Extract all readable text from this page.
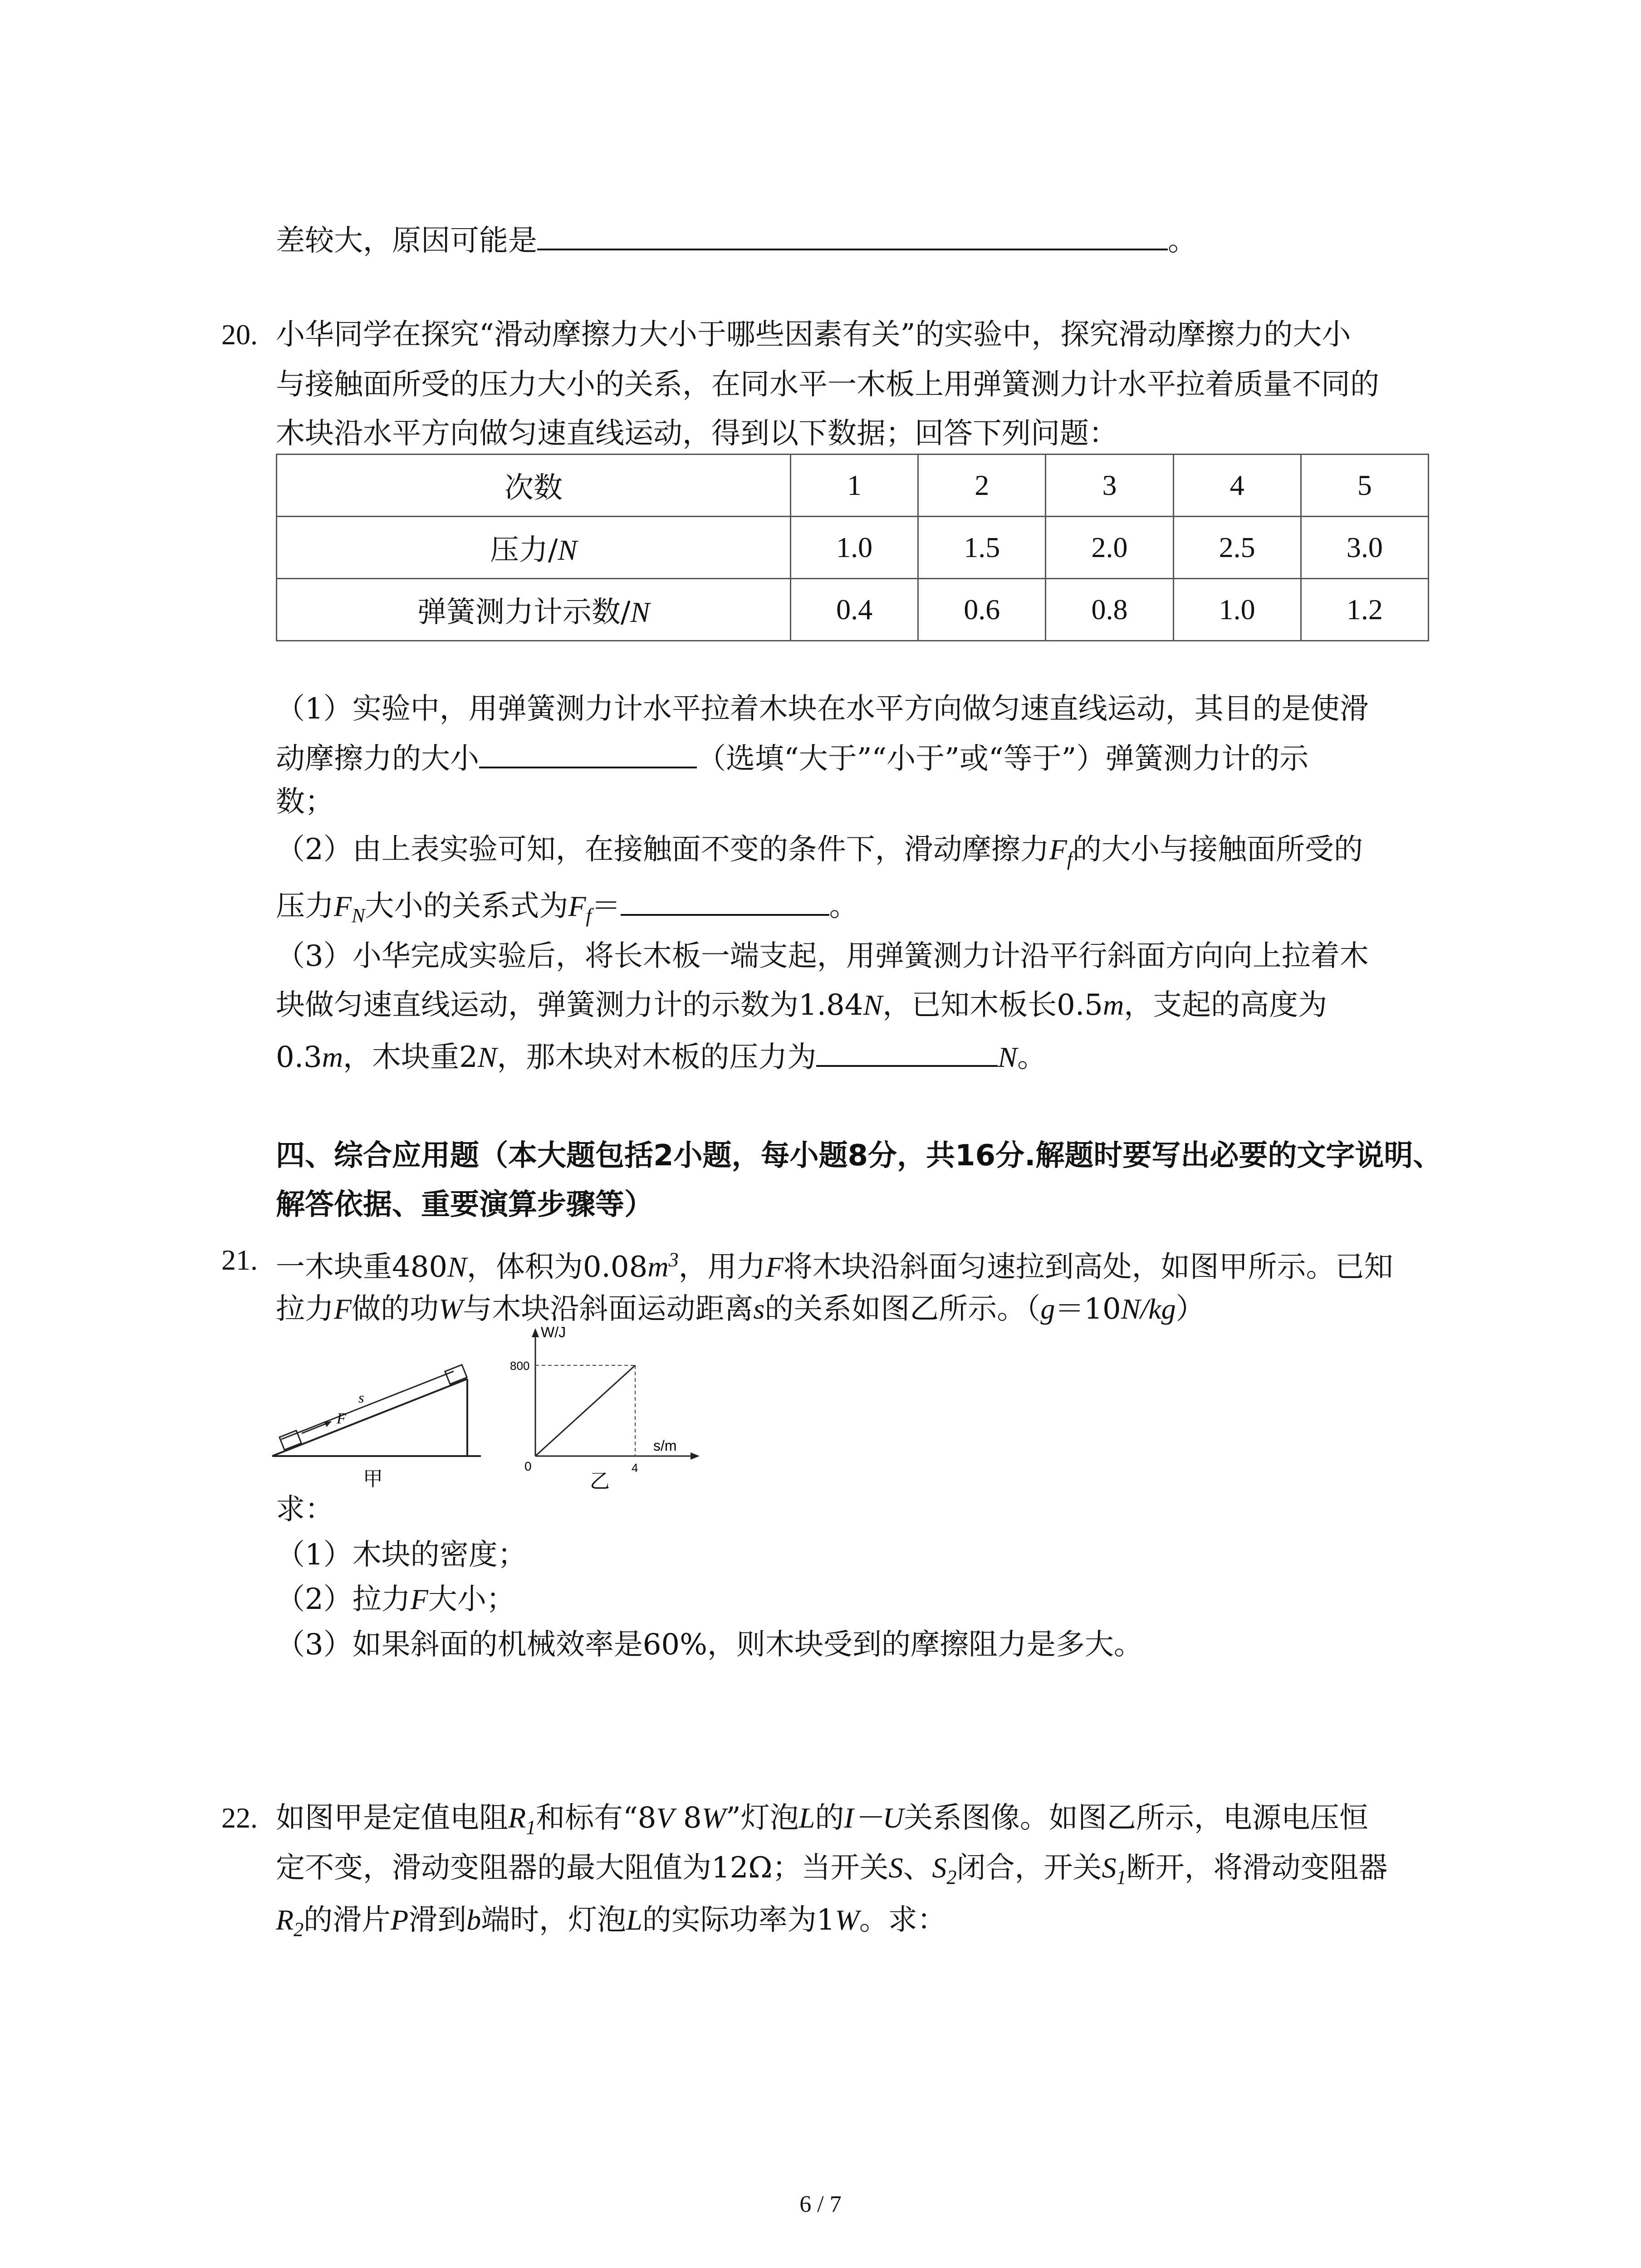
差较大，原因可能是	。
20. 小华同学在探究“滑动摩擦力大小于哪些因素有关”的实验中，探究滑动摩擦力的大小
与接触面所受的压力大小的关系，在同水平一木板上用弹簧测力计水平拉着质量不同的
木块沿水平方向做匀速直线运动，得到以下数据；回答下列问题：
次数	1	2	3	4	5
压力/N	1.0	1.5	2.0	2.5	3.0
弹簧测力计示数/N	0.4	0.6	0.8	1.0	1.2
（1）实验中，用弹簧测力计水平拉着木块在水平方向做匀速直线运动，其目的是使滑
动摩擦力的大小	（选填“大于”“小于”或“等于”）弹簧测力计的示
数；
（2）由上表实验可知，在接触面不变的条件下，滑动摩擦力$F_f$的大小与接触面所受的
压力$F_N$大小的关系式为$F_f=$	。
（3）小华完成实验后，将长木板一端支起，用弹簧测力计沿平行斜面方向向上拉着木
块做匀速直线运动，弹簧测力计的示数为1.84N，已知木板长0.5m，支起的高度为
0.3m，木块重2N，那木块对木板的压力为	N。
四、综合应用题（本大题包括2小题，每小题8分，共16分.解题时要写出必要的文字说明、
解答依据、重要演算步骤等）
21. 一木块重480N，体积为$0.08m^3$，用力F将木块沿斜面匀速拉到高处，如图甲所示。已知
拉力F做的功W与木块沿斜面运动距离s的关系如图乙所示。（g＝10N/kg）
F
s
甲
W/J
800
0	4
s/m
乙
求：
（1）木块的密度；
（2）拉力F大小；
（3）如果斜面的机械效率是60%，则木块受到的摩擦阻力是多大。
22. 如图甲是定值电阻$R_1$和标有“8V 8W”灯泡L的I－U关系图像。如图乙所示，电源电压恒
定不变，滑动变阻器的最大阻值为12Ω；当开关S、$S_2$闭合，开关$S_1$断开，将滑动变阻器
$R_2$的滑片P滑到b端时，灯泡L的实际功率为1W。求：
6 / 7
